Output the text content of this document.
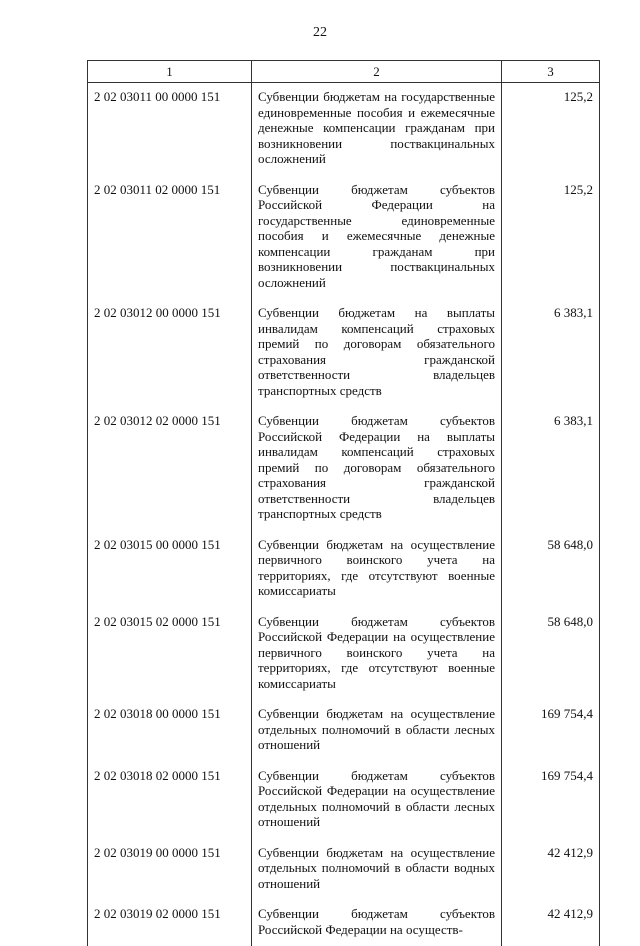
22
1	2	3
2 02 03011 00 0000 151	Субвенции бюджетам на государственные единовременные пособия и ежемесячные денежные компенсации гражданам при возникновении поствакцинальных осложнений	125,2
2 02 03011 02 0000 151	Субвенции бюджетам субъектов Российской Федерации на государственные единовременные пособия и ежемесячные денежные компенсации гражданам при возникновении поствакцинальных осложнений	125,2
2 02 03012 00 0000 151	Субвенции бюджетам на выплаты инвалидам компенсаций страховых премий по договорам обязательного страхования гражданской ответственности владельцев транспортных средств	6 383,1
2 02 03012 02 0000 151	Субвенции бюджетам субъектов Российской Федерации на выплаты инвалидам компенсаций страховых премий по договорам обязательного страхования гражданской ответственности владельцев транспортных средств	6 383,1
2 02 03015 00 0000 151	Субвенции бюджетам на осуществление первичного воинского учета на территориях, где отсутствуют военные комиссариаты	58 648,0
2 02 03015 02 0000 151	Субвенции бюджетам субъектов Российской Федерации на осуществление первичного воинского учета на территориях, где отсутствуют военные комиссариаты	58 648,0
2 02 03018 00 0000 151	Субвенции бюджетам на осуществление отдельных полномочий в области лесных отношений	169 754,4
2 02 03018 02 0000 151	Субвенции бюджетам субъектов Российской Федерации на осуществление отдельных полномочий в области лесных отношений	169 754,4
2 02 03019 00 0000 151	Субвенции бюджетам на осуществление отдельных полномочий в области водных отношений	42 412,9
2 02 03019 02 0000 151	Субвенции бюджетам субъектов Российской Федерации на осуществ-	42 412,9
